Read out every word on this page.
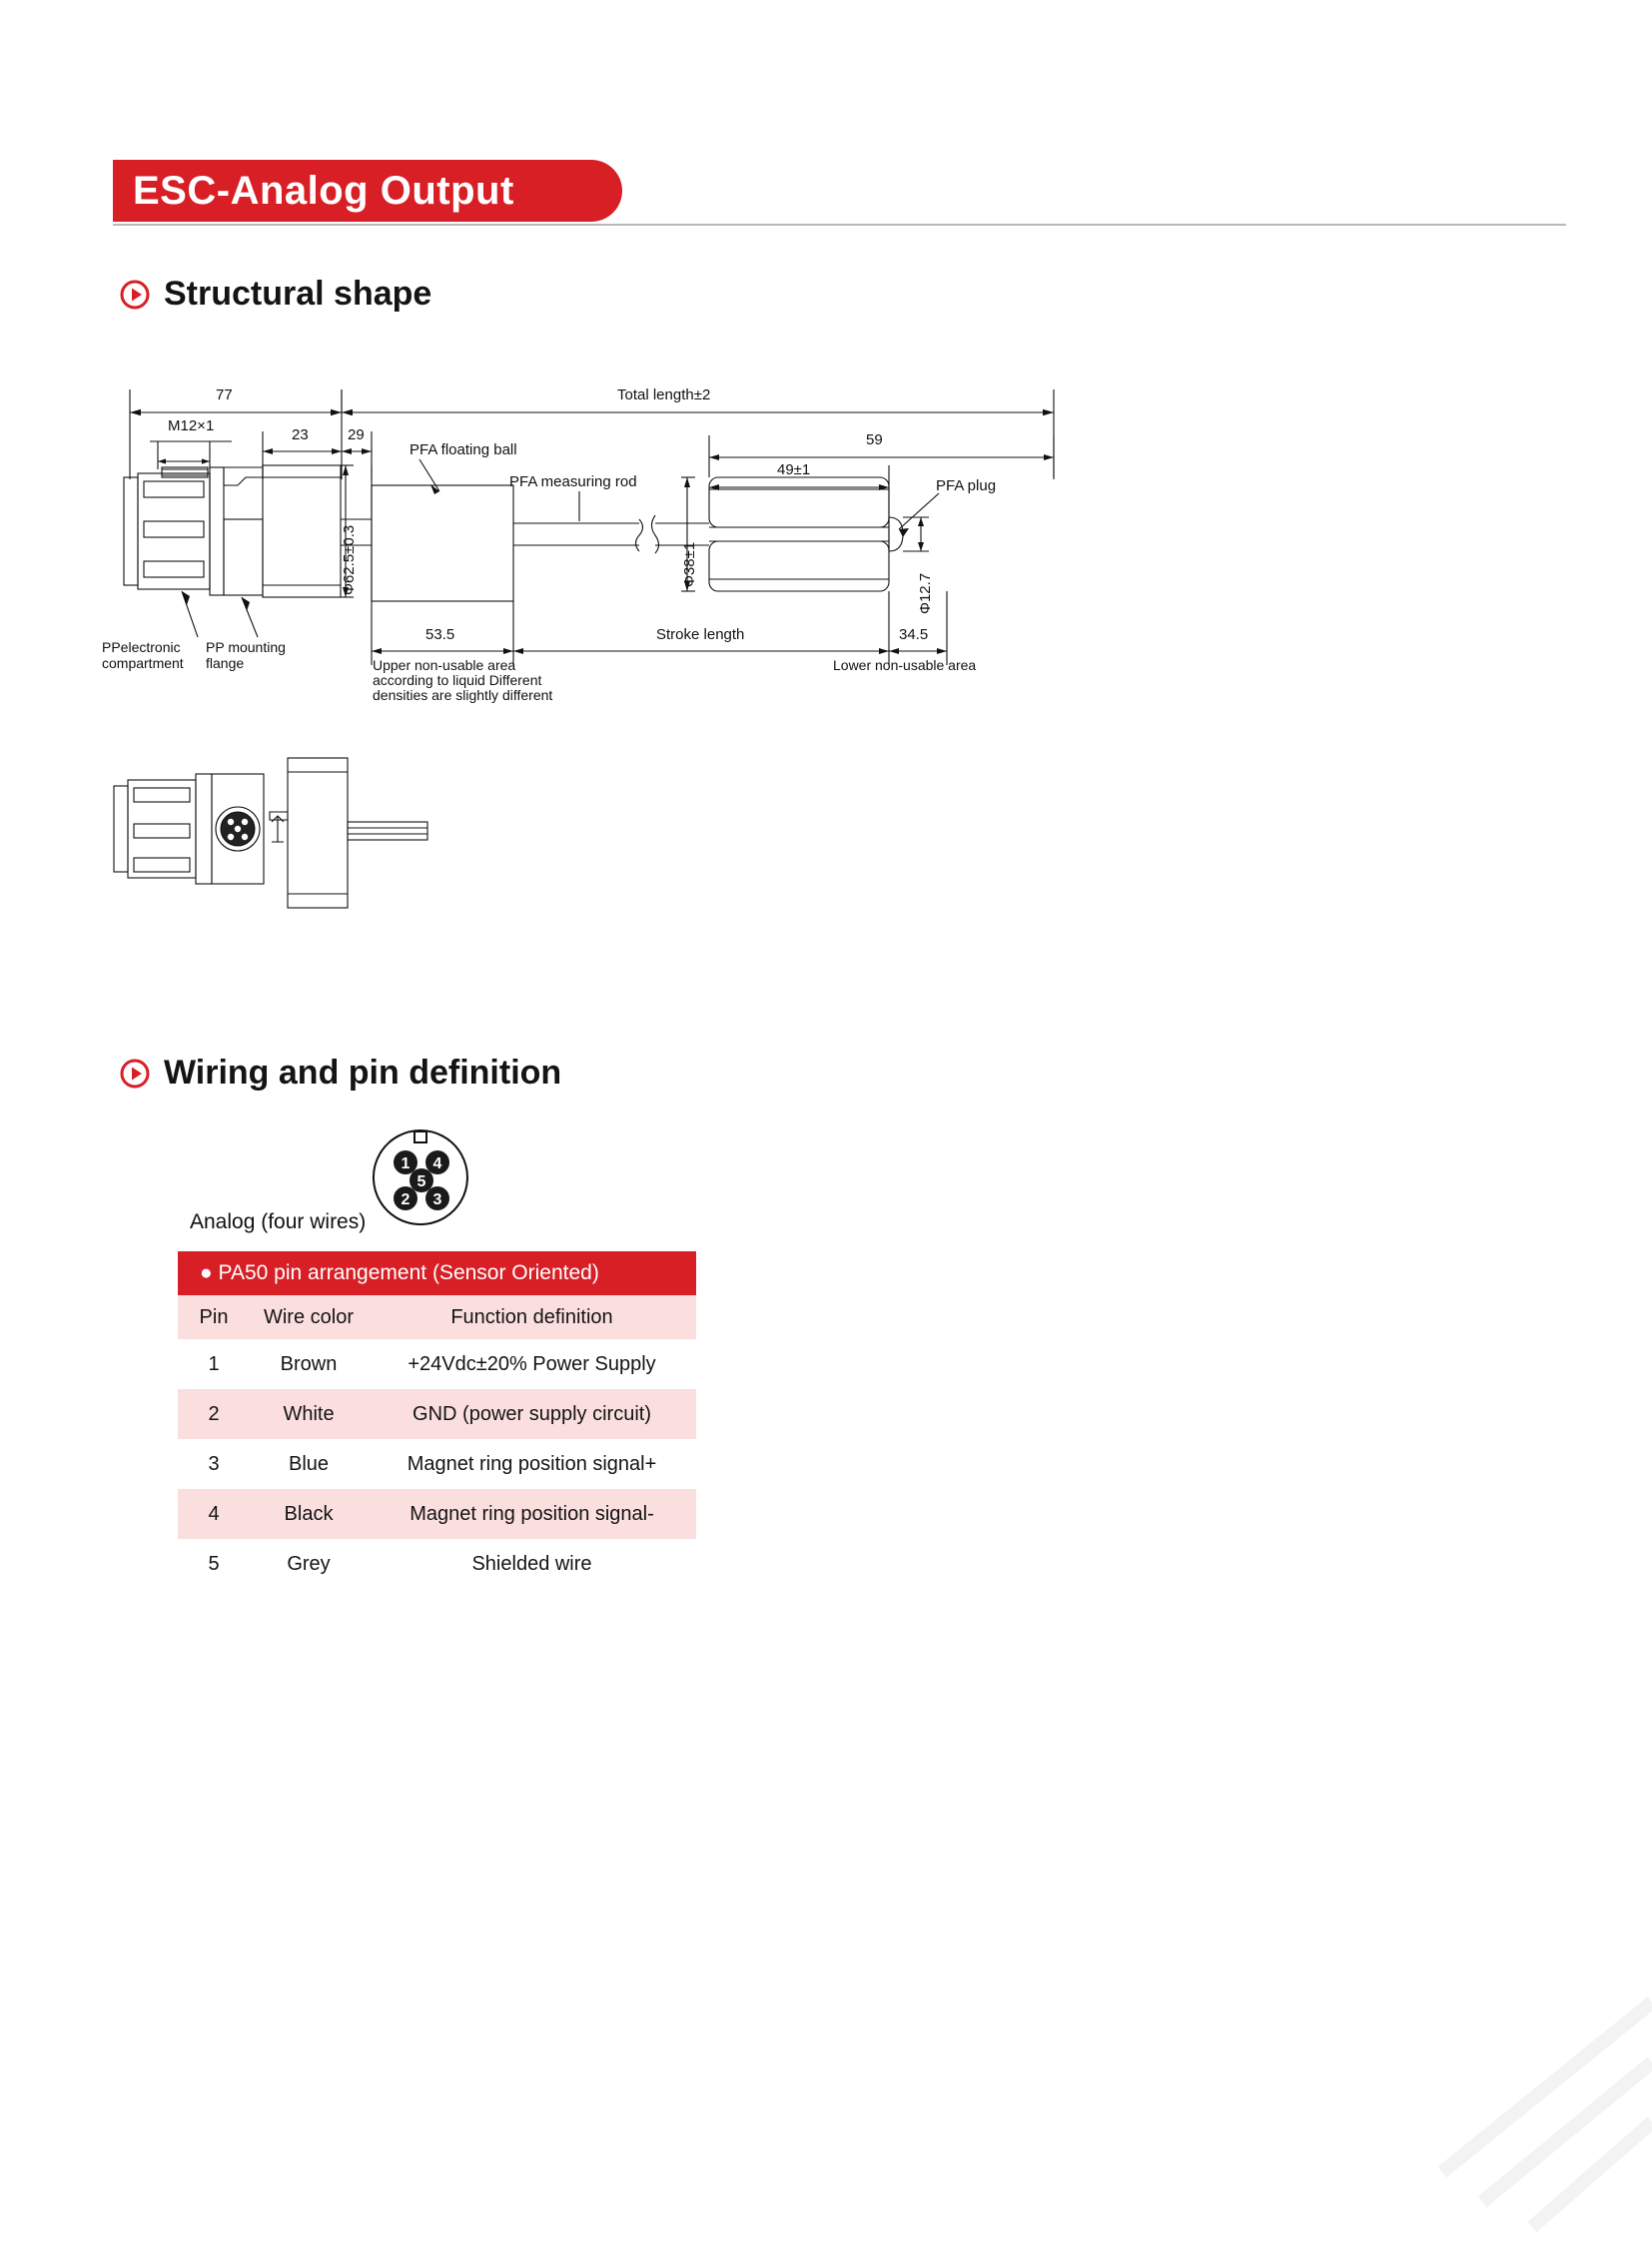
ESC-Analog Output
Structural shape
77
M12×1
23	29
Total length±2
59
49±1
Φ38±1
Φ62.5±0.3	Φ12.7
53.5	Stroke length	34.5
PFA floating ball
PFA measuring rod	PFA plug
PPelectronic
compartment
PP mounting
flange	Upper non-usable area
according to liquid Different
densities are slightly different
Lower non-usable area
Wiring and pin definition
1 4
5
2 3
Analog (four wires)
● PA50 pin arrangement (Sensor Oriented)		
Pin	Wire color	Function definition
1	Brown	+24Vdc±20% Power Supply
2	White	GND (power supply circuit)
3	Blue	Magnet ring position signal+
4	Black	Magnet ring position signal-
5	Grey	Shielded wire
